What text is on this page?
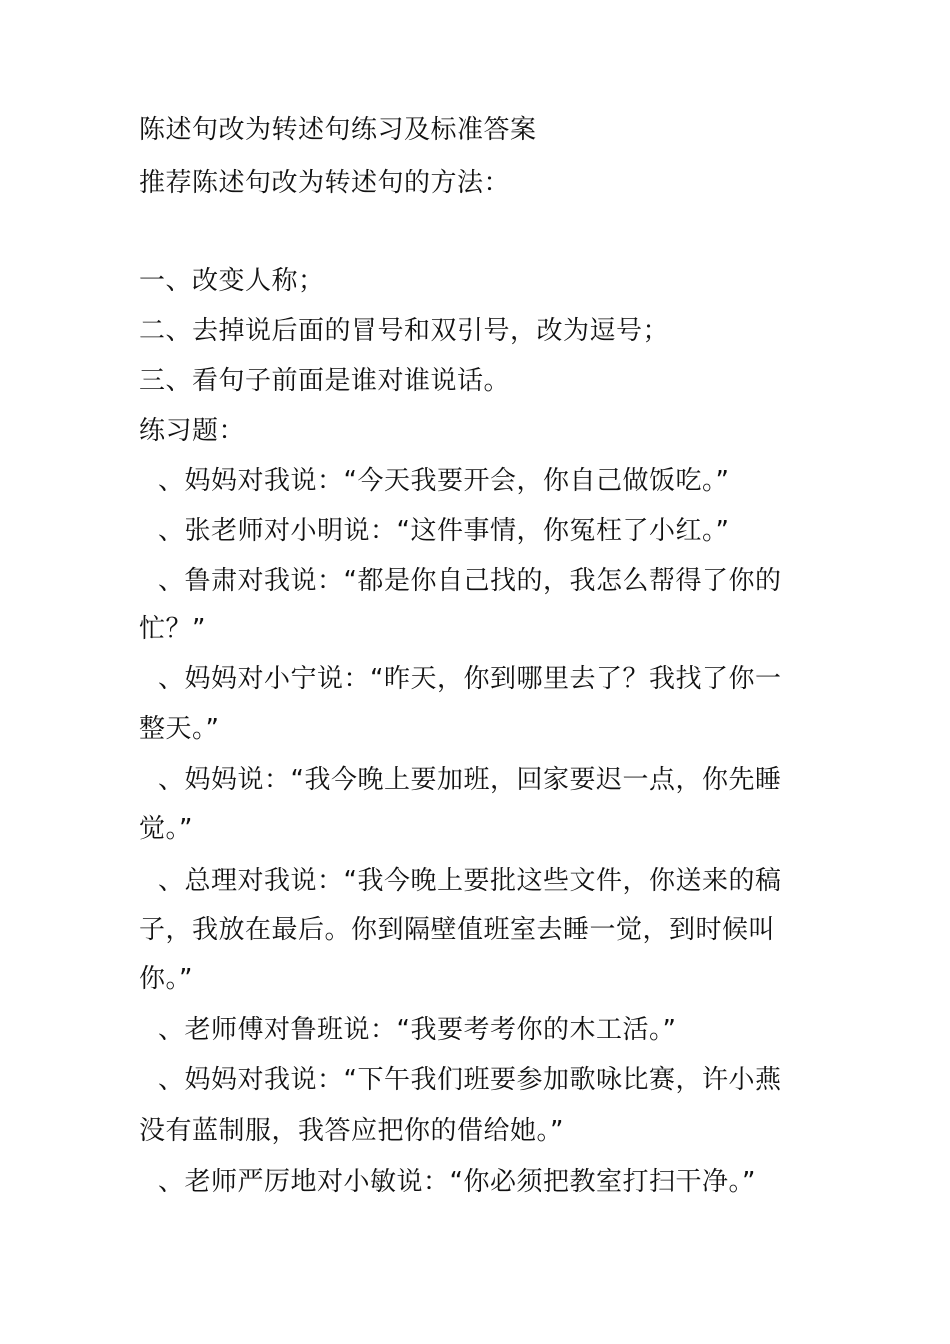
陈述句改为转述句练习及标准答案
推荐陈述句改为转述句的方法：
一、改变人称；
二、去掉说后面的冒号和双引号，改为逗号；
三、看句子前面是谁对谁说话。
练习题：
、妈妈对我说：“今天我要开会，你自己做饭吃。”
、张老师对小明说：“这件事情，你冤枉了小红。”
、鲁肃对我说：“都是你自己找的，我怎么帮得了你的
忙？”
、妈妈对小宁说：“昨天，你到哪里去了？我找了你一
整天。”
、妈妈说：“我今晚上要加班，回家要迟一点，你先睡
觉。”
、总理对我说：“我今晚上要批这些文件，你送来的稿
子，我放在最后。你到隔壁值班室去睡一觉，到时候叫
你。”
、老师傅对鲁班说：“我要考考你的木工活。”
、妈妈对我说：“下午我们班要参加歌咏比赛，许小燕
没有蓝制服，我答应把你的借给她。”
、老师严厉地对小敏说：“你必须把教室打扫干净。”
